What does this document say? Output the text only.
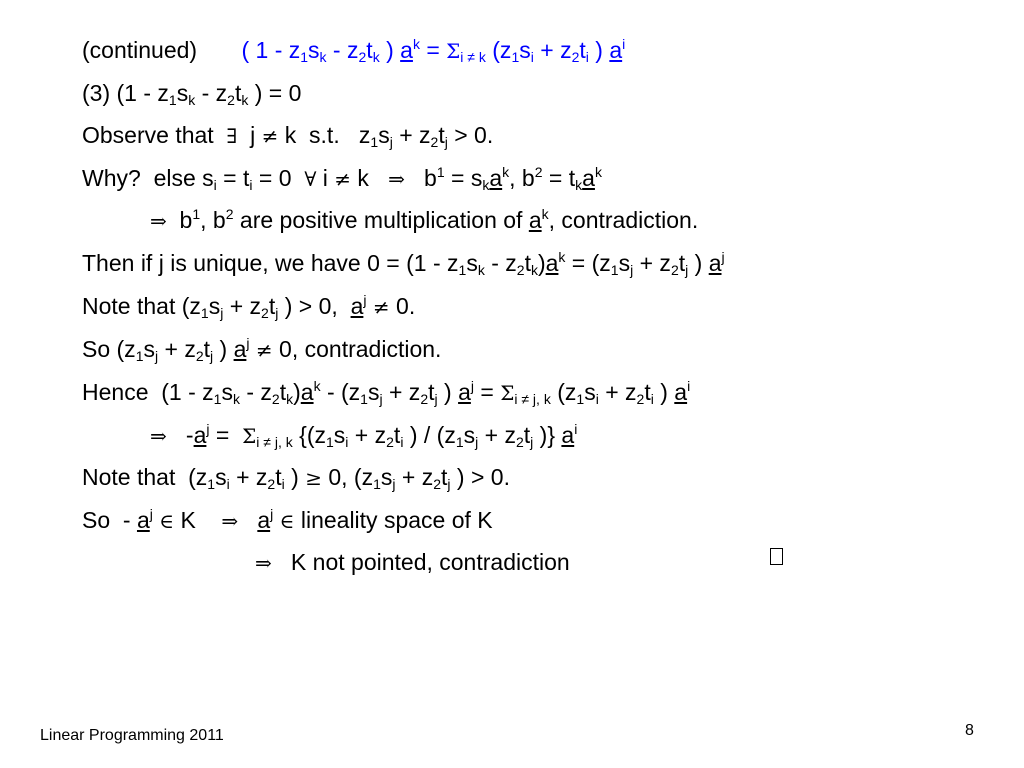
(continued) ( $1 - z_1s_k - z_2t_k$ ) $a^k = \Sigma_{i \ne k}$ ($z_1s_i + z_2t_i$ ) $a^i$
(3) ($1 - z_1s_k - z_2t_k$ ) = 0
Observe that  ∃  j ≠ k  s.t.   $z_1s_j + z_2t_j > 0$.
Why?  else $s_i = t_i = 0$  ∀ i ≠ k   ⇒   $b^1 = s_ka^k$, $b^2 = t_ka^k$
⇒  $b^1$, $b^2$ are positive multiplication of $a^k$, contradiction.
Then if j is unique, we have $0 = (1 - z_1s_k - z_2t_k)a^k = (z_1s_j + z_2t_j$ ) $a^j$
Note that ($z_1s_j + z_2t_j$ ) > 0,  $a^j \ne 0$.
So ($z_1s_j + z_2t_j$ ) $a^j \ne 0$, contradiction.
Hence  $(1 - z_1s_k - z_2t_k)a^k - (z_1s_j + z_2t_j$ ) $a^j = \Sigma_{i \ne j, k}$ ($z_1s_i + z_2t_i$ ) $a^i$
⇒   $-a^j = \Sigma_{i \ne j, k}$ {($z_1s_i + z_2t_i$ ) / ($z_1s_j + z_2t_j$ )} $a^i$
Note that  ($z_1s_i + z_2t_i$ ) ≥ 0, ($z_1s_j + z_2t_j$ ) > 0.
So  - $a^j$ ∈ K    ⇒ $a^j$ ∈ lineality space of K
⇒   K not pointed, contradiction
Linear Programming 2011	8
